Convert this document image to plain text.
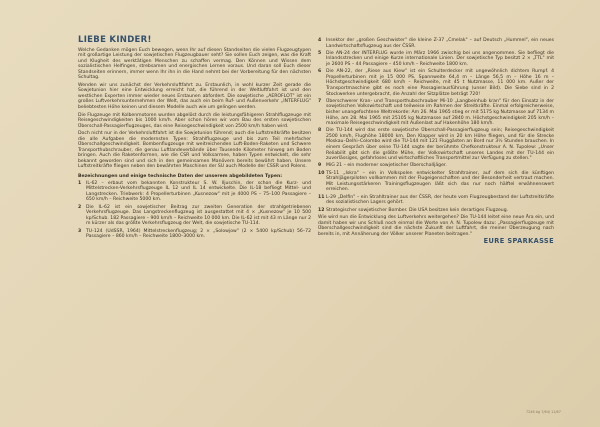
LIEBE KINDER!

Welche Gedanken mögen Euch bewegen, wenn Ihr auf diesen Standseiten die vielen Flugzeugtypen mit großartige Leistung der sowjetischen Flugzeugbauer seht? Sie sollen Euch zeigen, was die Kraft und Klugheit des werktätigen Menschen zu schaffen vermag. Den Können und Wissen dem sozialistischen Helfingen, strebsamen und energischen Lernen voraus. Und daran soll Euch dieser Standseiten erinnern, immer wenn Ihr ihn in die Hand nehmt bei der Vorbereitung für den nächsten Schultag.

Wenden wir uns zunächst der Verkehrsluftfahrt zu. Erstaunlich, in wohl kurzer Zeit gerade die Sowjetunion hier eine Entwicklung erreicht hat, die führend in der Weltluftfahrt ist und den westlichen Experten immer wieder neues Erstaunen abfordert. Die sowjetische „AEROFLOT" ist ein großes Luftverkehrsunternehmen der Welt, das auch ein beim Ruf- und Außenverkehr „INTERFLUG" beliebtesten Höhe keinen und diesem Modelle auch wie um gelingen werden.

Die Flugzeuge mit Kolbenmotoren wurden abgelöst durch die leistungsfähigeren Strahlflugzeuge mit Reisegeschwindigkeiten bis 1000 km/h. Aber schon hören wir vom Bau des ersten sowjetischen Überschall-Passagierflugzeuges, das eine Reisegeschwindigkeit von 2500 km/h haben wird.

Doch nicht nur in der Verkehrsluftfahrt ist die Sowjetunion führend; auch die Luftstreitkräfte besitzen die alle Aufgaben die modernsten Typen: Strahlflugzeuge und bis zum Teil mehrfacher Überschallgeschwindigkeit. Bombenflugzeuge mit weitreichenden Luft-Boden-Raketen und Schwere Transporthubschrauber, die genau Luftlandeverbände über Tausende Kilometer hinweg am Boden bringen. Auch die Raketenformen, wie die CSR und Volksarmee, haben Typen entwickelt, die sehr bekannt geworden sind und sich in den gemeinsamen Manövern bereits bewährt haben. Unsere Luftstreitkräfte fliegen neben den bewährten Maschinen der SU auch Modelle der CSSR und Polens.

Bezeichnungen und einige technische Daten der unserem abgebildeten Typen:
1	IL-62 – erbaut vom bekannten Konstrukteur S. W. Iljuschin, der schon die Kurz- und Mittelstrecken-Verkehrsflugzeuge IL 12 und IL 14 entwickelte. Die IL-18 befliegt Mittel- und Langstrecken. Triebwerk: 4 Propellerturbinen „Kusnezow" mit je 4000 PS – 75–100 Passagiere – 650 km/h – Reichweite 5000 km.
2	Die IL-62 ist ein sowjetischer Beitrag zur zweiten Generation der strahlgetriebenen Verkehrsflugzeuge. Das Langstreckenflugzeug ist ausgestattet mit 4 × „Kusnezow" je 10 500 kp/Schub. 182 Passagiere – 900 km/h – Reichweite 10 000 km. Die IL-62 ist mit 43 m Länge nur 2 m kürzer als das größte Verkehrsflugzeug der Welt, die sowjetische TU-114.
3	TU-124 (UdSSR, 1964) Mittelstreckenflugzeug; 2 × „Solowjow" (2 × 5400 kp/Schub) 56–72 Passagiere – 860 km/h – Reichweite 1800–3000 km.
4	Insektor der „großen Geschwister" die kleine Z-37 „Cmelak" – auf Deutsch „Hummel", ein neues Landwirtschaftsflugzeug aus der ČSSR.
5	Die AN-24 der INTERFLUG wurde im März 1966 zwischig bei uns angenommen. Sie befliegt die Inlandsstrecken und einige Kurze internationale Linien. Der sowjetische Typ besitzt 2 × „TTL" mit je 2600 PS – 44 Passagiere – 450 km/h – Reichweite 1800 km.
6	Die AN-22, der „Riese aus Kiew" ist ein Schulterdecker mit ungewöhnlich dichtem Rumpf. 4 Propellerturbinen mit je 15 000 PS. Spannweite 64,4 m – Länge 56,5 m – Höhe 16 m – Höchstgeschwindigkeit 680 km/h – Reichweite, mit 45 t Nutzmasse, 11 000 km. Außer der Transportmaschine gibt es noch eine Passagierausführung (unser Bild). Die Siebe sind in 2 Stockwerken untergebracht, die Anzahl der Sitzplätze beträgt 720!
7	Überschwerer Kran- und Transporthubschrauber Mi-10 „Langbeinhub kran" für den Einsatz in der sowjetischen Volkswirtschaft und teilweise im Rahmen der Streitkräfte. Einmal erfolgreicherweise, bisher unangefochtene Weltrekorde: Am 26. Mai 1965 stieg er mit 5175 kg Nutzmasse auf 7134 m Höhe, am 28. Mai 1965 mit 25105 kg Nutzmasse auf 2840 m. Höchstgeschwindigkeit 205 km/h – maximale Reisegeschwindigkeit mit Außenlast auf Hakenhöhe 180 km/h.
8	Die TU-144 wird das erste sowjetische Überschall-Passagierflugzeug sein; Reisegeschwindigkeit 2500 km/h, Flughöhe 18000 km. Den Klapper wird in 20 km Höhe fliegen, und für die Strecke Moskau–Delhi–Colombo wird die TU-144 mit 121 Fluggästen an Bord nur 3½ Stunden brauchen. In einem Gespräch über seine TU-144 sagte der berühmte Chefkonstrukteur A. N. Tupolew: „Unser Reliabilit gibt sich die größte Mühe, der Volkswirtschaft unseres Landes mit der TU-144 ein zuverlässiges, gefahrloses und wirtschaftliches Transportmittel zur Verfügung zu stellen."
9	MiG 21 – ein moderner sowjetischer Überschalljäger.
10 TS-11 „Iskra" – ein in Volkspolen entwickelter Strahltrainer, auf dem sich die künftigen Strahljägerpiloten vollkommen mit der Flugeigenschaften und der Besonderheit vertraut machen. Mit Leistungsstärkeren Trainingsflugzeugen läßt sich das nur noch hälftel erwähnenswert erreichen.
11 L-29 „Delfin" – ein Strahltrainer aus der ČSSR, der heute vom Flugzeugbestand der Luftstreitkräfte des sozialistischen Lagers gehört.
12 Strategischer sowjetischer Bomber. Die USA besitzen kein derartiges Flugzeug.

Wie wird nun die Entwicklung des Luftverkehrs weitergehen? Die TU-144 leitet eine neue Ära ein, und damit haben wir uns Schluß noch einmal die Worte von A. N. Tupolew dazu: „Passagierflugzeuge mit Überschallgeschwindigkeit sind die nächste Zukunft der Luftfahrt, die meiner Überzeugung nach bereits in, mit Annäherung der Völker unserer Planeten beitragen."

EURE SPARKASSE
7246 Ag 7/64/ 11/67
